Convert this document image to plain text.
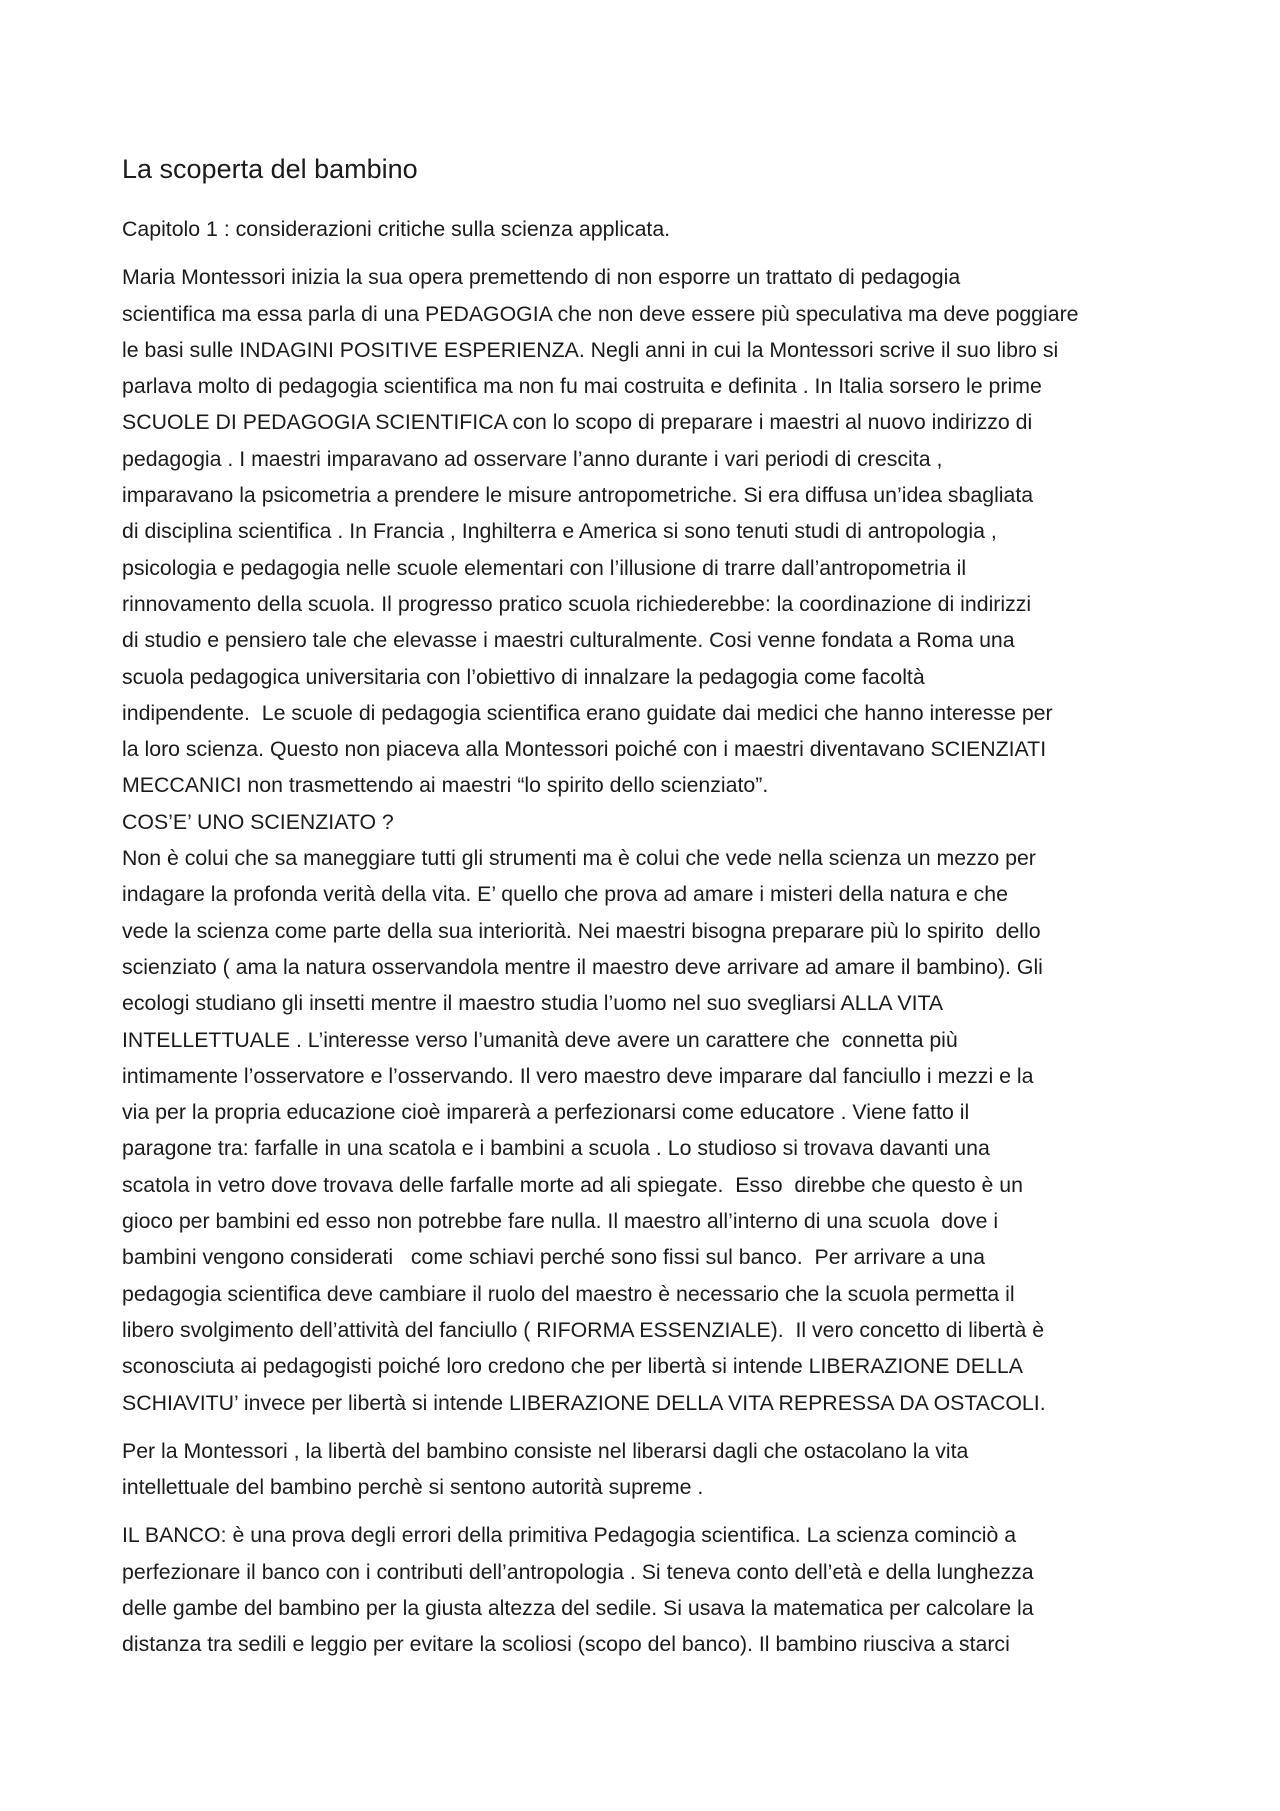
La scoperta del bambino

Capitolo 1 : considerazioni critiche sulla scienza applicata.

Maria Montessori inizia la sua opera premettendo di non esporre un trattato di pedagogia
scientifica ma essa parla di una PEDAGOGIA che non deve essere più speculativa ma deve poggiare
le basi sulle INDAGINI POSITIVE ESPERIENZA. Negli anni in cui la Montessori scrive il suo libro si
parlava molto di pedagogia scientifica ma non fu mai costruita e definita . In Italia sorsero le prime
SCUOLE DI PEDAGOGIA SCIENTIFICA con lo scopo di preparare i maestri al nuovo indirizzo di
pedagogia . I maestri imparavano ad osservare l’anno durante i vari periodi di crescita ,
imparavano la psicometria a prendere le misure antropometriche. Si era diffusa un’idea sbagliata
di disciplina scientifica . In Francia , Inghilterra e America si sono tenuti studi di antropologia ,
psicologia e pedagogia nelle scuole elementari con l’illusione di trarre dall’antropometria il
rinnovamento della scuola. Il progresso pratico scuola richiederebbe: la coordinazione di indirizzi
di studio e pensiero tale che elevasse i maestri culturalmente. Cosi venne fondata a Roma una
scuola pedagogica universitaria con l’obiettivo di innalzare la pedagogia come facoltà
indipendente.  Le scuole di pedagogia scientifica erano guidate dai medici che hanno interesse per
la loro scienza. Questo non piaceva alla Montessori poiché con i maestri diventavano SCIENZIATI
MECCANICI non trasmettendo ai maestri “lo spirito dello scienziato”.
COS’E’ UNO SCIENZIATO ?
Non è colui che sa maneggiare tutti gli strumenti ma è colui che vede nella scienza un mezzo per
indagare la profonda verità della vita. E’ quello che prova ad amare i misteri della natura e che
vede la scienza come parte della sua interiorità. Nei maestri bisogna preparare più lo spirito  dello
scienziato ( ama la natura osservandola mentre il maestro deve arrivare ad amare il bambino). Gli
ecologi studiano gli insetti mentre il maestro studia l’uomo nel suo svegliarsi ALLA VITA
INTELLETTUALE . L’interesse verso l’umanità deve avere un carattere che  connetta più
intimamente l’osservatore e l’osservando. Il vero maestro deve imparare dal fanciullo i mezzi e la
via per la propria educazione cioè imparerà a perfezionarsi come educatore . Viene fatto il
paragone tra: farfalle in una scatola e i bambini a scuola . Lo studioso si trovava davanti una
scatola in vetro dove trovava delle farfalle morte ad ali spiegate.  Esso  direbbe che questo è un
gioco per bambini ed esso non potrebbe fare nulla. Il maestro all’interno di una scuola  dove i
bambini vengono considerati   come schiavi perché sono fissi sul banco.  Per arrivare a una
pedagogia scientifica deve cambiare il ruolo del maestro è necessario che la scuola permetta il
libero svolgimento dell’attività del fanciullo ( RIFORMA ESSENZIALE).  Il vero concetto di libertà è
sconosciuta ai pedagogisti poiché loro credono che per libertà si intende LIBERAZIONE DELLA
SCHIAVITU’ invece per libertà si intende LIBERAZIONE DELLA VITA REPRESSA DA OSTACOLI.

Per la Montessori , la libertà del bambino consiste nel liberarsi dagli che ostacolano la vita
intellettuale del bambino perchè si sentono autorità supreme .

IL BANCO: è una prova degli errori della primitiva Pedagogia scientifica. La scienza cominciò a
perfezionare il banco con i contributi dell’antropologia . Si teneva conto dell’età e della lunghezza
delle gambe del bambino per la giusta altezza del sedile. Si usava la matematica per calcolare la
distanza tra sedili e leggio per evitare la scoliosi (scopo del banco). Il bambino riusciva a starci
